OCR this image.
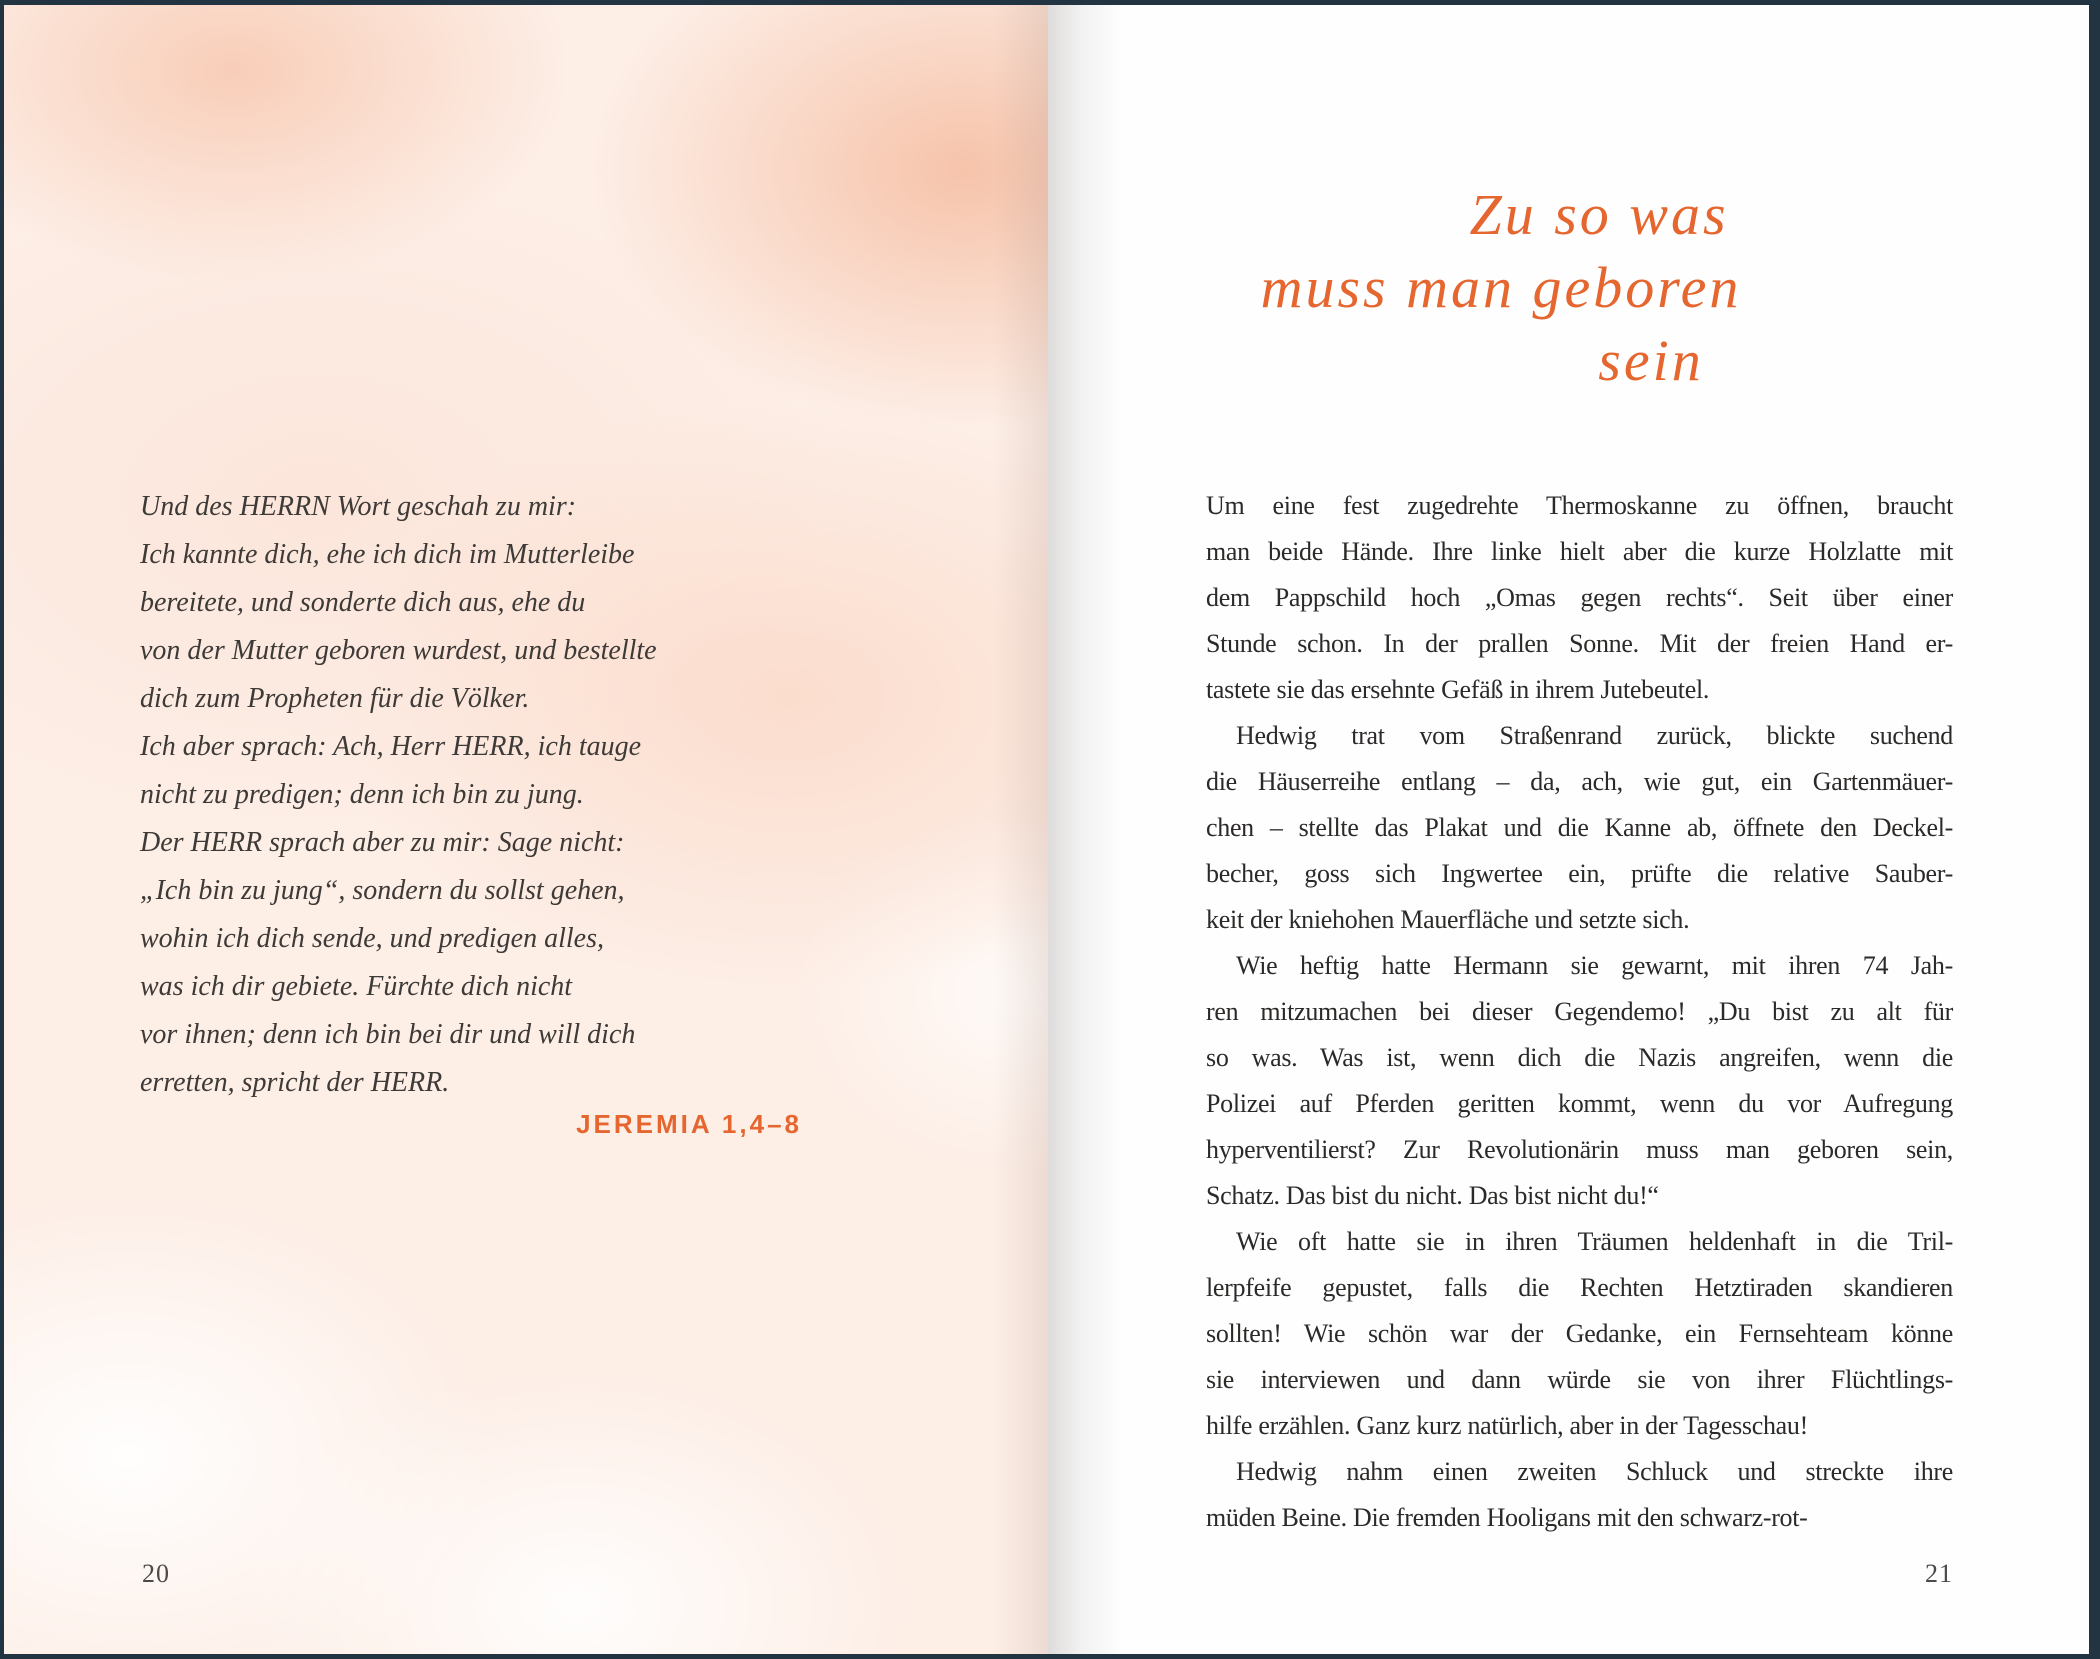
Und des HERRN Wort geschah zu mir:
Ich kannte dich, ehe ich dich im Mutterleibe
bereitete, und sonderte dich aus, ehe du
von der Mutter geboren wurdest, und bestellte
dich zum Propheten für die Völker.
Ich aber sprach: Ach, Herr HERR, ich tauge
nicht zu predigen; denn ich bin zu jung.
Der HERR sprach aber zu mir: Sage nicht:
„Ich bin zu jung“, sondern du sollst gehen,
wohin ich dich sende, und predigen alles,
was ich dir gebiete. Fürchte dich nicht
vor ihnen; denn ich bin bei dir und will dich
erretten, spricht der HERR.
JEREMIA 1,4–8
20
Zu so was
muss man geboren
sein
Um eine fest zugedrehte Thermoskanne zu öffnen, braucht
man beide Hände. Ihre linke hielt aber die kurze Holzlatte mit
dem Pappschild hoch „Omas gegen rechts“. Seit über einer
Stunde schon. In der prallen Sonne. Mit der freien Hand er-
tastete sie das ersehnte Gefäß in ihrem Jutebeutel.
Hedwig trat vom Straßenrand zurück, blickte suchend
die Häuserreihe entlang – da, ach, wie gut, ein Gartenmäuer-
chen – stellte das Plakat und die Kanne ab, öffnete den Deckel-
becher, goss sich Ingwertee ein, prüfte die relative Sauber-
keit der kniehohen Mauerfläche und setzte sich.
Wie heftig hatte Hermann sie gewarnt, mit ihren 74 Jah-
ren mitzumachen bei dieser Gegendemo! „Du bist zu alt für
so was. Was ist, wenn dich die Nazis angreifen, wenn die
Polizei auf Pferden geritten kommt, wenn du vor Aufregung
hyperventilierst? Zur Revolutionärin muss man geboren sein,
Schatz. Das bist du nicht. Das bist nicht du!“
Wie oft hatte sie in ihren Träumen heldenhaft in die Tril-
lerpfeife gepustet, falls die Rechten Hetztiraden skandieren
sollten! Wie schön war der Gedanke, ein Fernsehteam könne
sie interviewen und dann würde sie von ihrer Flüchtlings-
hilfe erzählen. Ganz kurz natürlich, aber in der Tagesschau!
Hedwig nahm einen zweiten Schluck und streckte ihre
müden Beine. Die fremden Hooligans mit den schwarz-rot-
21
